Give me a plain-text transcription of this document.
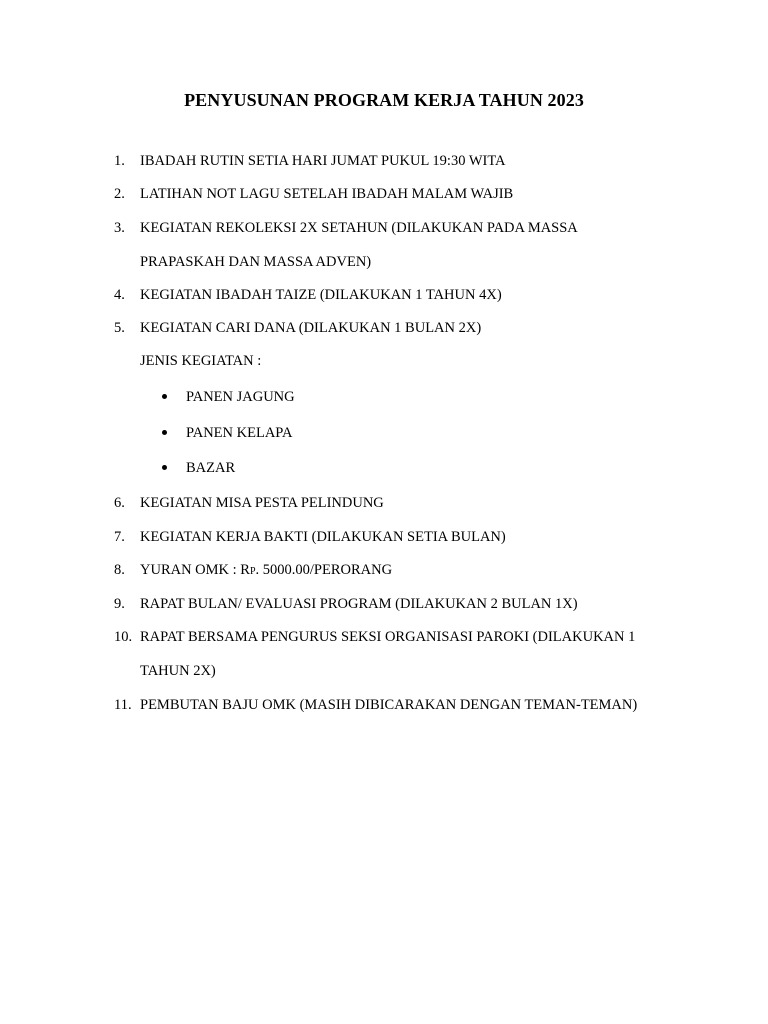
PENYUSUNAN PROGRAM KERJA TAHUN 2023
1. IBADAH RUTIN SETIA HARI JUMAT PUKUL 19:30 WITA
2. LATIHAN NOT LAGU SETELAH IBADAH MALAM WAJIB
3. KEGIATAN REKOLEKSI 2X SETAHUN (DILAKUKAN PADA MASSA
PRAPASKAH DAN MASSA ADVEN)
4. KEGIATAN IBADAH TAIZE (DILAKUKAN 1 TAHUN 4X)
5. KEGIATAN CARI DANA (DILAKUKAN 1 BULAN 2X)
JENIS KEGIATAN :
PANEN JAGUNG
PANEN KELAPA
BAZAR
6. KEGIATAN MISA PESTA PELINDUNG
7. KEGIATAN KERJA BAKTI (DILAKUKAN SETIA BULAN)
8. YURAN OMK : Rp. 5000.00/PERORANG
9. RAPAT BULAN/ EVALUASI PROGRAM (DILAKUKAN 2 BULAN 1X)
10. RAPAT BERSAMA PENGURUS SEKSI ORGANISASI PAROKI (DILAKUKAN 1
TAHUN 2X)
11. PEMBUTAN BAJU OMK (MASIH DIBICARAKAN DENGAN TEMAN-TEMAN)
